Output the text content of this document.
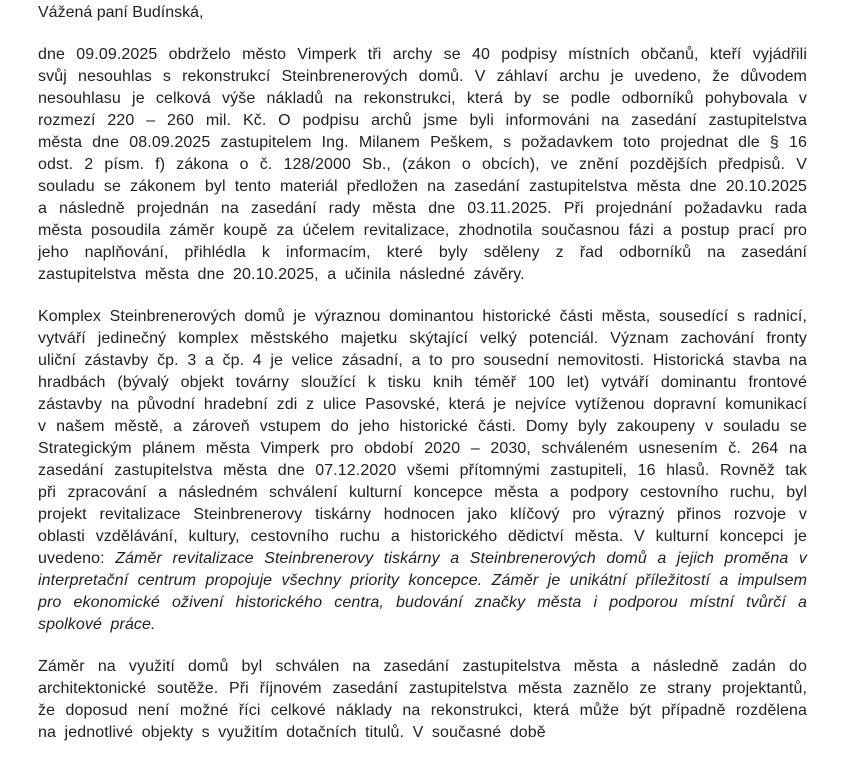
Vážená paní Budínská,

dne 09.09.2025 obdrželo město Vimperk tři archy se 40 podpisy místních občanů, kteří vyjádřili svůj nesouhlas s rekonstrukcí Steinbrenerových domů. V záhlaví archu je uvedeno, že důvodem nesouhlasu je celková výše nákladů na rekonstrukci, která by se podle odborníků pohybovala v rozmezí 220 – 260 mil. Kč. O podpisu archů jsme byli informováni na zasedání zastupitelstva města dne 08.09.2025 zastupitelem Ing. Milanem Peškem, s požadavkem toto projednat dle § 16 odst. 2 písm. f) zákona o č. 128/2000 Sb., (zákon o obcích), ve znění pozdějších předpisů. V souladu se zákonem byl tento materiál předložen na zasedání zastupitelstva města dne 20.10.2025 a následně projednán na zasedání rady města dne 03.11.2025. Při projednání požadavku rada města posoudila záměr koupě za účelem revitalizace, zhodnotila současnou fázi a postup prací pro jeho naplňování, přihlédla k informacím, které byly sděleny z řad odborníků na zasedání zastupitelstva města dne 20.10.2025, a učinila následné závěry.

Komplex Steinbrenerových domů je výraznou dominantou historické části města, sousedící s radnicí, vytváří jedinečný komplex městského majetku skýtající velký potenciál. Význam zachování fronty uliční zástavby čp. 3 a čp. 4 je velice zásadní, a to pro sousední nemovitosti. Historická stavba na hradbách (bývalý objekt továrny sloužící k tisku knih téměř 100 let) vytváří dominantu frontové zástavby na původní hradební zdi z ulice Pasovské, která je nejvíce vytíženou dopravní komunikací v našem městě, a zároveň vstupem do jeho historické části. Domy byly zakoupeny v souladu se Strategickým plánem města Vimperk pro období 2020 – 2030, schváleném usnesením č. 264 na zasedání zastupitelstva města dne 07.12.2020 všemi přítomnými zastupiteli, 16 hlasů. Rovněž tak při zpracování a následném schválení kulturní koncepce města a podpory cestovního ruchu, byl projekt revitalizace Steinbrenerovy tiskárny hodnocen jako klíčový pro výrazný přinos rozvoje v oblasti vzdělávání, kultury, cestovního ruchu a historického dědictví města. V kulturní koncepci je uvedeno: Záměr revitalizace Steinbrenerovy tiskárny a Steinbrenerových domů a jejich proměna v interpretační centrum propojuje všechny priority koncepce. Záměr je unikátní příležitostí a impulsem pro ekonomické oživení historického centra, budování značky města i podporou místní tvůrčí a spolkové práce.

Záměr na využití domů byl schválen na zasedání zastupitelstva města a následně zadán do architektonické soutěže. Při říjnovém zasedání zastupitelstva města zaznělo ze strany projektantů, že doposud není možné říci celkové náklady na rekonstrukci, která může být případně rozdělena na jednotlivé objekty s využitím dotačních titulů. V současné době
